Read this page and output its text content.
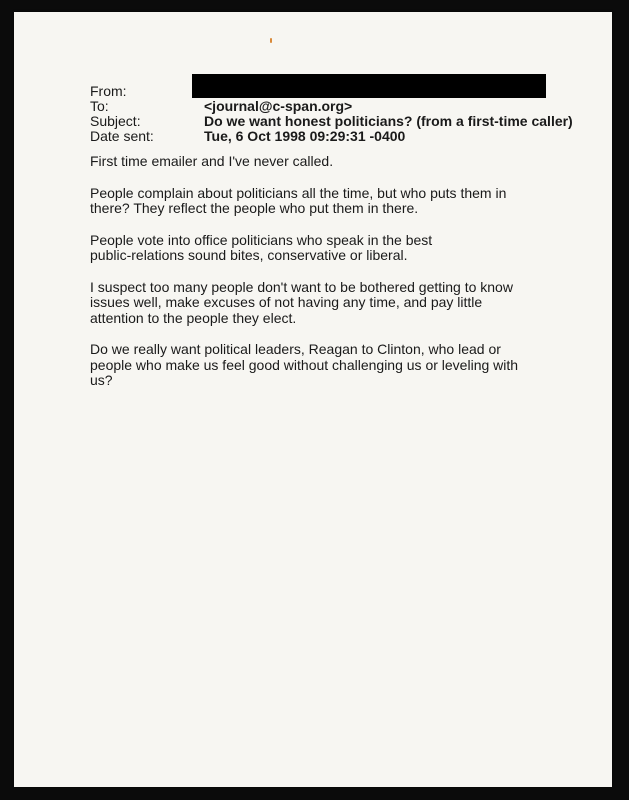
From:
To:	<journal@c-span.org>
Subject:	Do we want honest politicians? (from a first-time caller)
Date sent:	Tue, 6 Oct 1998 09:29:31 -0400

First time emailer and I've never called.

People complain about politicians all the time, but who puts them in
there? They reflect the people who put them in there.

People vote into office politicians who speak in the best
public-relations sound bites, conservative or liberal.

I suspect too many people don't want to be bothered getting to know
issues well, make excuses of not having any time, and pay little
attention to the people they elect.

Do we really want political leaders, Reagan to Clinton, who lead or
people who make us feel good without challenging us or leveling with
us?
